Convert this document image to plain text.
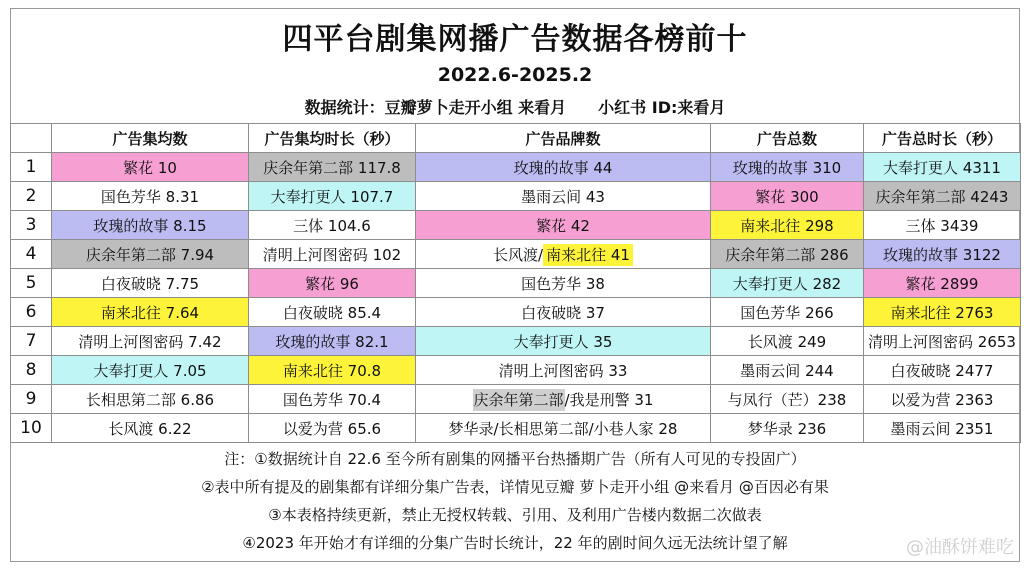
四平台剧集网播广告数据各榜前十
2022.6-2025.2
数据统计：豆瓣萝卜走开小组 来看月 小红书 ID:来看月
	广告集均数	广告集均时长（秒）	广告品牌数	广告总数	广告总时长（秒）
1	繁花 10	庆余年第二部 117.8	玫瑰的故事 44	玫瑰的故事 310	大奉打更人 4311
2	国色芳华 8.31	大奉打更人 107.7	墨雨云间 43	繁花 300	庆余年第二部 4243
3	玫瑰的故事 8.15	三体 104.6	繁花 42	南来北往 298	三体 3439
4	庆余年第二部 7.94	清明上河图密码 102	长风渡/ 南来北往 41	庆余年第二部 286	玫瑰的故事 3122
5	白夜破晓 7.75	繁花 96	国色芳华 38	大奉打更人 282	繁花 2899
6	南来北往 7.64	白夜破晓 85.4	白夜破晓 37	国色芳华 266	南来北往 2763
7	清明上河图密码 7.42	玫瑰的故事 82.1	大奉打更人 35	长风渡 249	清明上河图密码 2653
8	大奉打更人 7.05	南来北往 70.8	清明上河图密码 33	墨雨云间 244	白夜破晓 2477
9	长相思第二部 6.86	国色芳华 70.4	庆余年第二部/我是刑警 31	与凤行（芒）238	以爱为营 2363
10	长风渡 6.22	以爱为营 65.6	梦华录/长相思第二部/小巷人家 28	梦华录 236	墨雨云间 2351
注：①数据统计自 22.6 至今所有剧集的网播平台热播期广告（所有人可见的专投固广）
②表中所有提及的剧集都有详细分集广告表，详情见豆瓣 萝卜走开小组 @来看月 @百因必有果
③本表格持续更新，禁止无授权转载、引用、及利用广告楼内数据二次做表
④2023 年开始才有详细的分集广告时长统计，22 年的剧时间久远无法统计望了解	@油酥饼难吃
